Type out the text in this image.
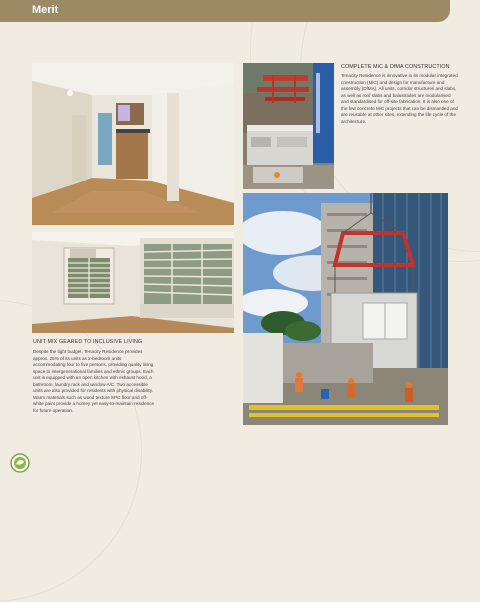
Merit
COMPLETE MiC & DfMA CONSTRUCTION
Tenacity Residence is innovative in its modular integrated construction (MiC) and design for manufacture and assembly (DfMA). All units, corridor structures and slabs, as well as roof slabs and balustrades are modularised and standardised for off-site fabrication. It is also one of the few concrete MiC projects that can be dismantled and are reusable at other sites, extending the life cycle of the architecture.
UNIT MIX GEARED TO INCLUSIVE LIVING
Despite the tight budget, Tenacity Residence provides approx. 25% of its units as 2-bedroom units accommodating four to five persons, providing quality living space to intergenerational families and ethnic groups. Each unit is equipped with an open kitchen with exhaust hood, a bathroom, laundry rack and window A/C. Two accessible units are also provided for residents with physical disability. Warm materials such as wood texture SPC floor and off-white paint provide a homey yet easy-to-maintain residence for future operation.
